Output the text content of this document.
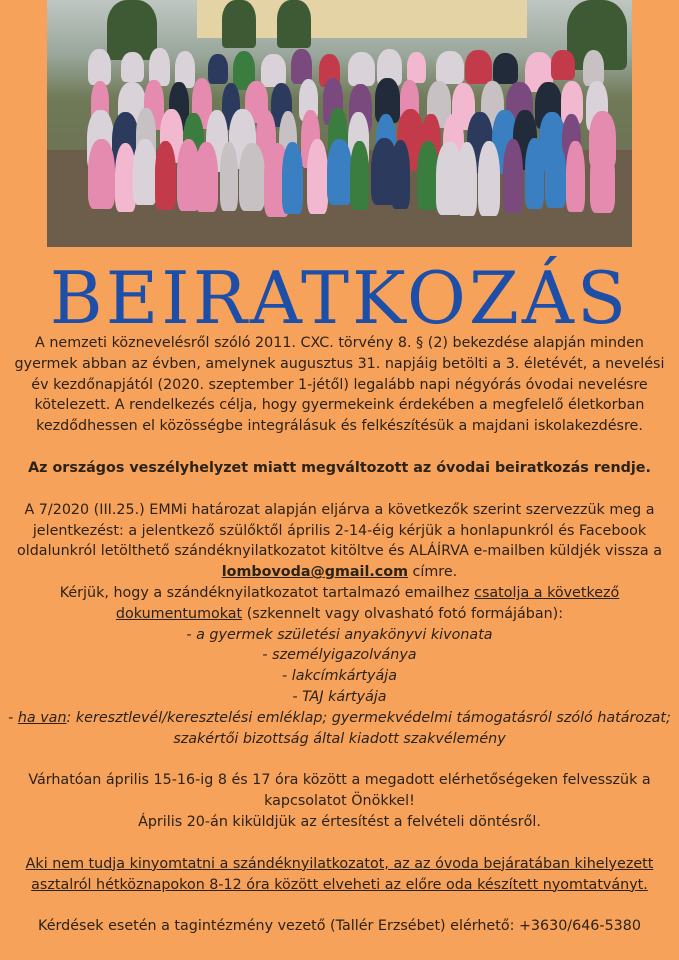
BEIRATKOZÁS

A nemzeti köznevelésről szóló 2011. CXC. törvény 8. § (2) bekezdése alapján minden gyermek abban az évben, amelynek augusztus 31. napjáig betölti a 3. életévét, a nevelési év kezdőnapjától (2020. szeptember 1-jétől) legalább napi négyórás óvodai nevelésre kötelezett. A rendelkezés célja, hogy gyermekeink érdekében a megfelelő életkorban kezdődhessen el közösségbe integrálásuk és felkészítésük a majdani iskolakezdésre.

Az országos veszélyhelyzet miatt megváltozott az óvodai beiratkozás rendje.

A 7/2020 (III.25.) EMMi határozat alapján eljárva a következők szerint szervezzük meg a jelentkezést: a jelentkező szülőktől április 2-14-éig kérjük a honlapunkról és Facebook oldalunkról letölthető szándéknyilatkozatot kitöltve és ALÁÍRVA e-mailben küldjék vissza a
lombovoda@gmail.com címre.

Kérjük, hogy a szándéknyilatkozatot tartalmazó emailhez csatolja a következő dokumentumokat (szkennelt vagy olvasható fotó formájában):

- a gyermek születési anyakönyvi kivonata

- személyigazolványa

- lakcímkártyája

- TAJ kártyája

- ha van: keresztlevél/keresztelési emléklap; gyermekvédelmi támogatásról szóló határozat; szakértői bizottság által kiadott szakvélemény

Várhatóan április 15-16-ig 8 és 17 óra között a megadott elérhetőségeken felvesszük a kapcsolatot Önökkel!

Április 20-án kiküldjük az értesítést a felvételi döntésről.

Aki nem tudja kinyomtatni a szándéknyilatkozatot, az az óvoda bejáratában kihelyezett asztalról hétköznapokon 8-12 óra között elveheti az előre oda készített nyomtatványt.

Kérdések esetén a tagintézmény vezető (Tallér Erzsébet) elérhető: +3630/646-5380
